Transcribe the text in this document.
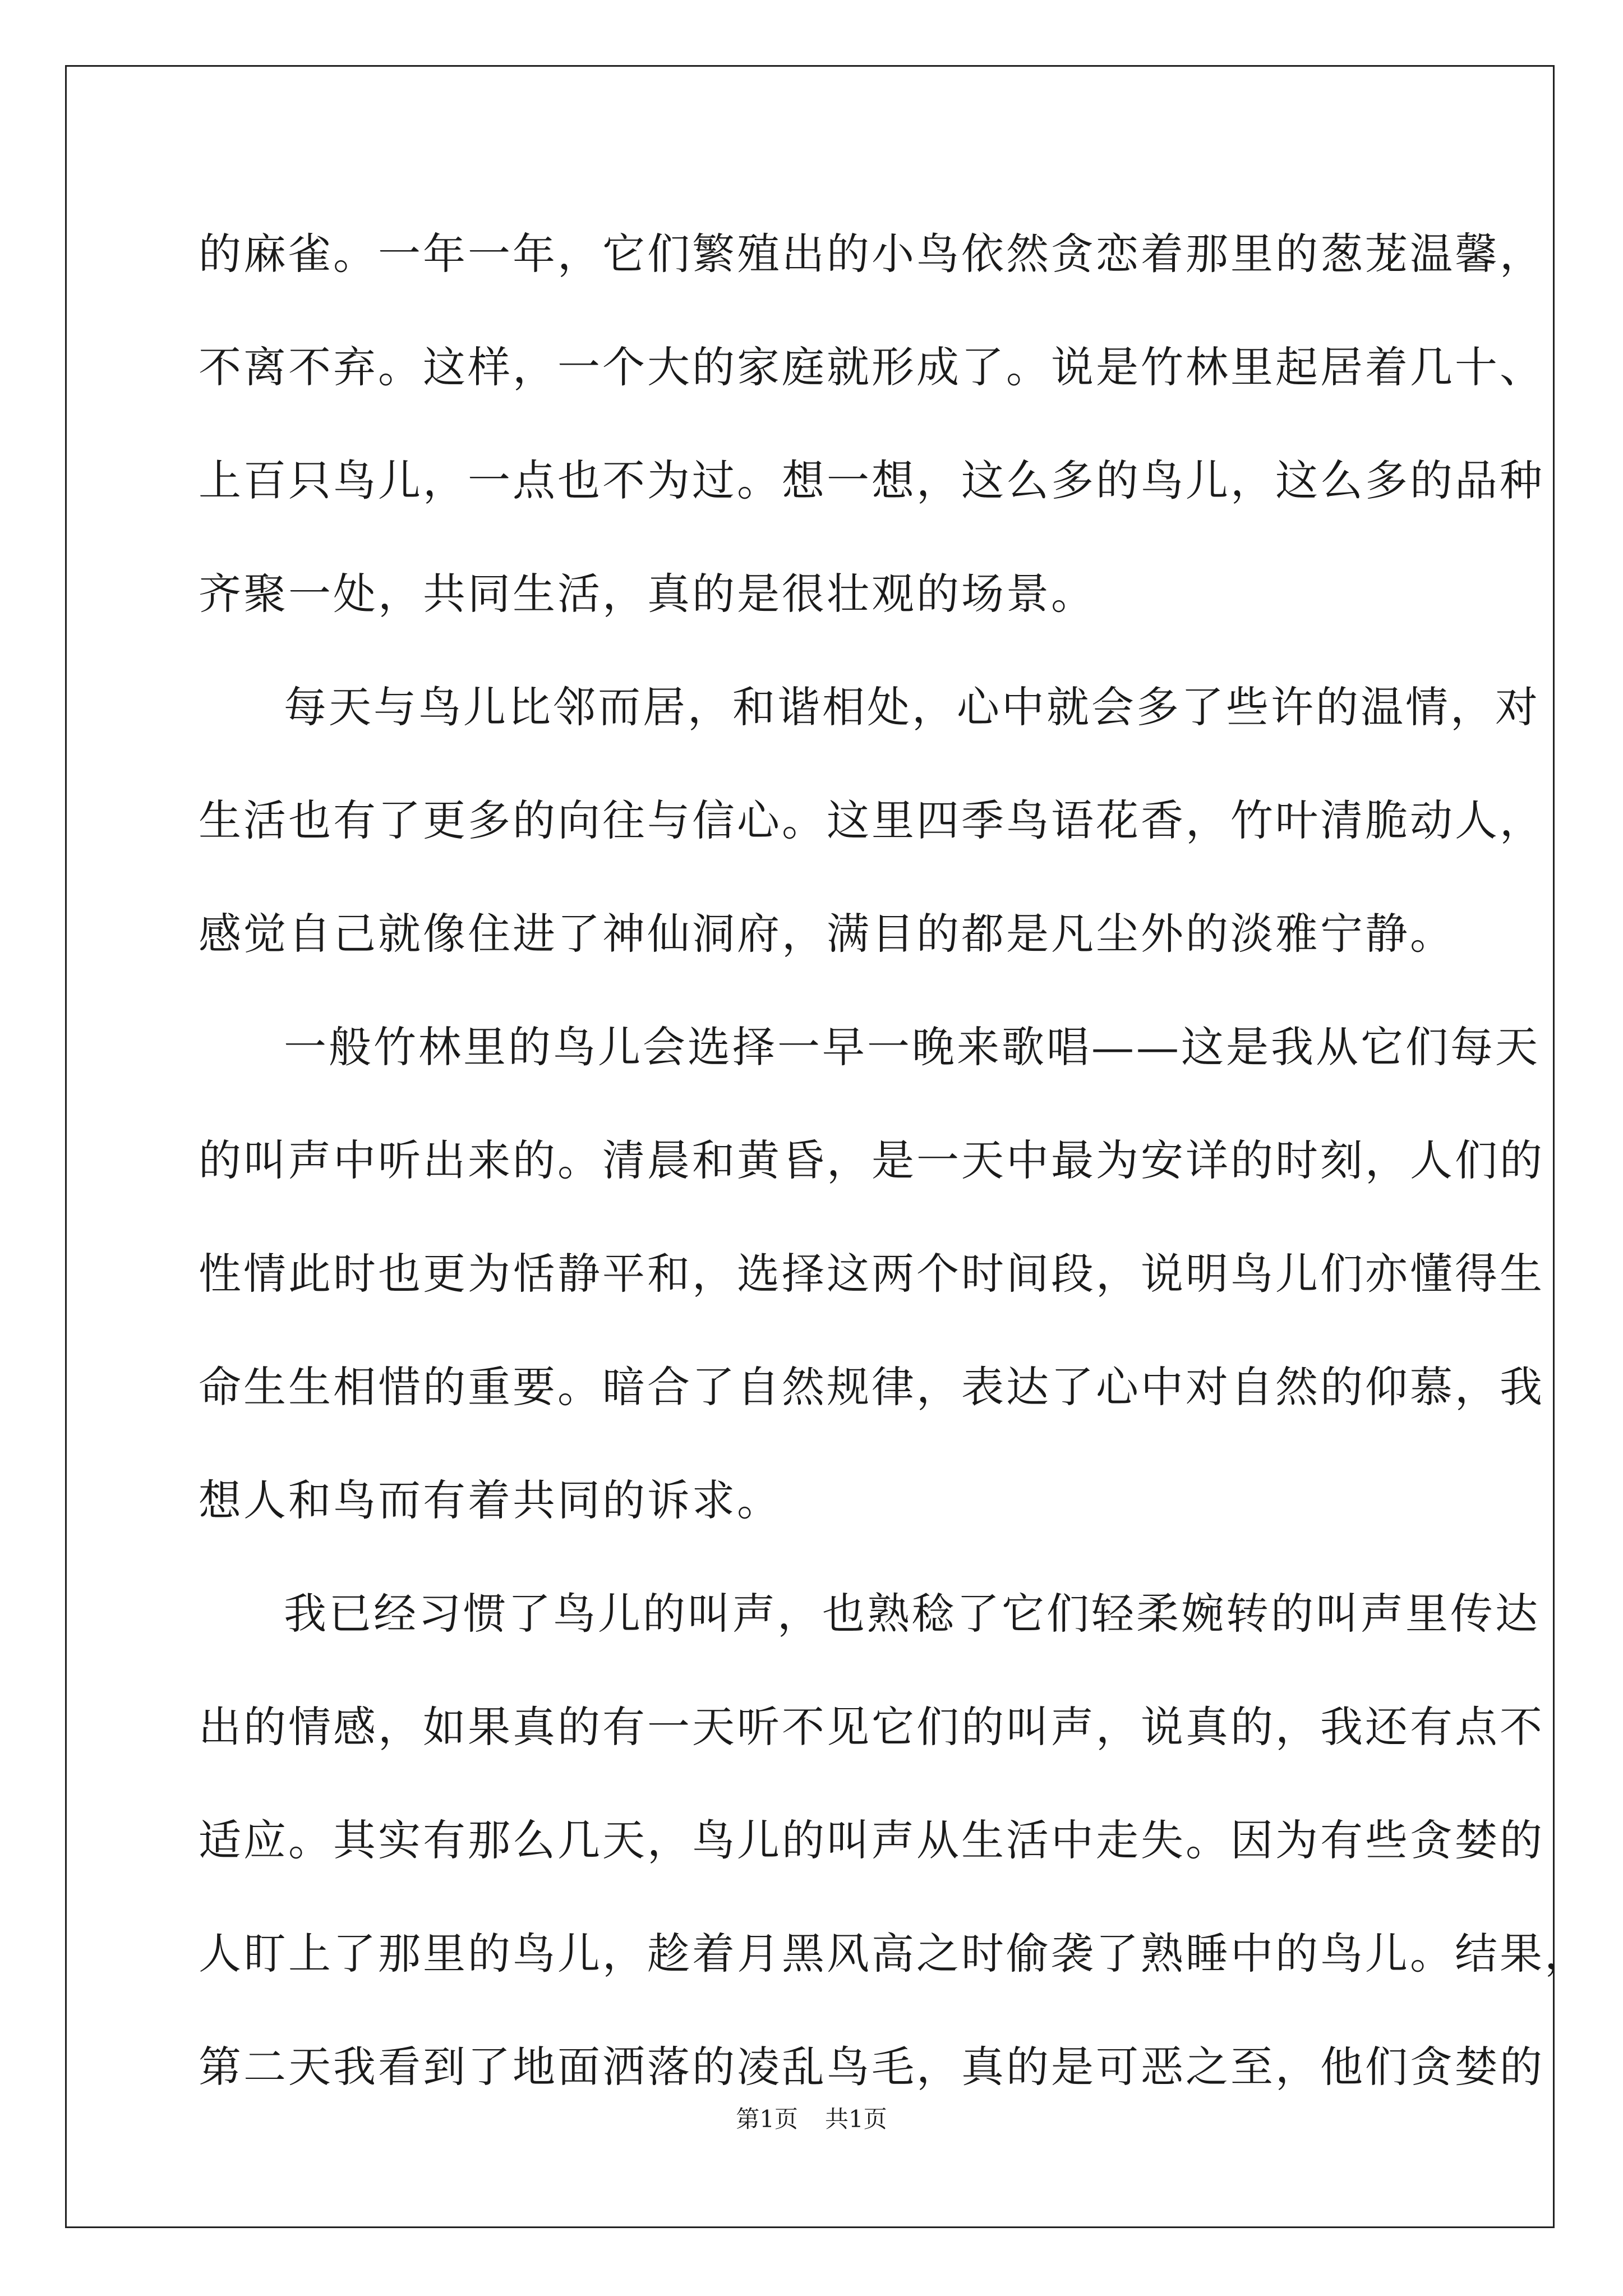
的麻雀。一年一年，它们繁殖出的小鸟依然贪恋着那里的葱茏温馨，
不离不弃。这样，一个大的家庭就形成了。说是竹林里起居着几十、
上百只鸟儿，一点也不为过。想一想，这么多的鸟儿，这么多的品种
齐聚一处，共同生活，真的是很壮观的场景。
每天与鸟儿比邻而居，和谐相处，心中就会多了些许的温情，对
生活也有了更多的向往与信心。这里四季鸟语花香，竹叶清脆动人，
感觉自己就像住进了神仙洞府，满目的都是凡尘外的淡雅宁静。
一般竹林里的鸟儿会选择一早一晚来歌唱——这是我从它们每天
的叫声中听出来的。清晨和黄昏，是一天中最为安详的时刻，人们的
性情此时也更为恬静平和，选择这两个时间段，说明鸟儿们亦懂得生
命生生相惜的重要。暗合了自然规律，表达了心中对自然的仰慕，我
想人和鸟而有着共同的诉求。
我已经习惯了鸟儿的叫声，也熟稔了它们轻柔婉转的叫声里传达
出的情感，如果真的有一天听不见它们的叫声，说真的，我还有点不
适应。其实有那么几天，鸟儿的叫声从生活中走失。因为有些贪婪的
人盯上了那里的鸟儿，趁着月黑风高之时偷袭了熟睡中的鸟儿。结果，
第二天我看到了地面洒落的凌乱鸟毛，真的是可恶之至，他们贪婪的
第1页 共1页
